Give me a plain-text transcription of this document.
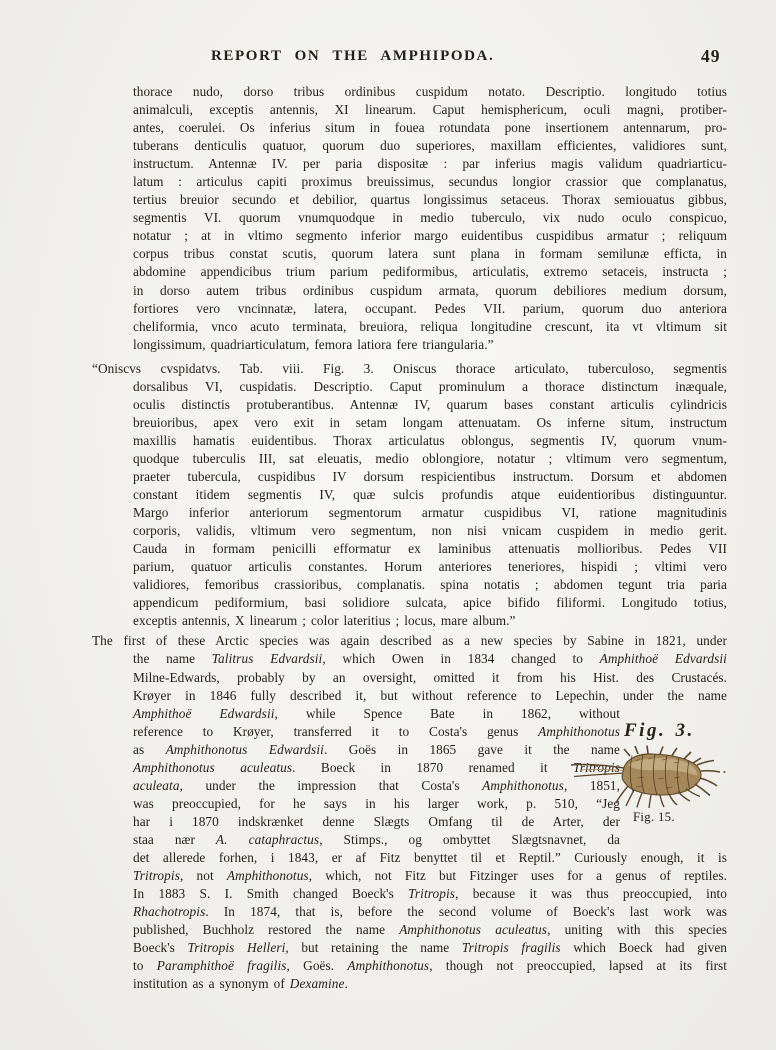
REPORT ON THE AMPHIPODA.	49
thorace nudo, dorso tribus ordinibus cuspidum notato. Descriptio. longitudo totius
animalculi, exceptis antennis, XI linearum. Caput hemisphericum, oculi magni, protiber-
antes, coerulei. Os inferius situm in fouea rotundata pone insertionem antennarum, pro-
tuberans denticulis quatuor, quorum duo superiores, maxillam efficientes, validiores sunt,
instructum. Antennæ IV. per paria dispositæ : par inferius magis validum quadriarticu-
latum : articulus capiti proximus breuissimus, secundus longior crassior que complanatus,
tertius breuior secundo et debilior, quartus longissimus setaceus. Thorax semiouatus gibbus,
segmentis VI. quorum vnumquodque in medio tuberculo, vix nudo oculo conspicuo,
notatur ; at in vltimo segmento inferior margo euidentibus cuspidibus armatur ; reliquum
corpus tribus constat scutis, quorum latera sunt plana in formam semilunæ efficta, in
abdomine appendicibus trium parium pediformibus, articulatis, extremo setaceis, instructa ;
in dorso autem tribus ordinibus cuspidum armata, quorum debiliores medium dorsum,
fortiores vero vncinnatæ, latera, occupant. Pedes VII. parium, quorum duo anteriora
cheliformia, vnco acuto terminata, breuiora, reliqua longitudine crescunt, ita vt vltimum sit
longissimum, quadriarticulatum, femora latiora fere triangularia.”
“Oniscvs cvspidatvs. Tab. viii. Fig. 3. Oniscus thorace articulato, tuberculoso, segmentis
dorsalibus VI, cuspidatis. Descriptio. Caput prominulum a thorace distinctum inæquale,
oculis distinctis protuberantibus. Antennæ IV, quarum bases constant articulis cylindricis
breuioribus, apex vero exit in setam longam attenuatam. Os inferne situm, instructum
maxillis hamatis euidentibus. Thorax articulatus oblongus, segmentis IV, quorum vnum-
quodque tuberculis III, sat eleuatis, medio oblongiore, notatur ; vltimum vero segmentum,
praeter tubercula, cuspidibus IV dorsum respicientibus instructum. Dorsum et abdomen
constant itidem segmentis IV, quæ sulcis profundis atque euidentioribus distinguuntur.
Margo inferior anteriorum segmentorum armatur cuspidibus VI, ratione magnitudinis
corporis, validis, vltimum vero segmentum, non nisi vnicam cuspidem in medio gerit.
Cauda in formam penicilli efformatur ex laminibus attenuatis mollioribus. Pedes VII
parium, quatuor articulis constantes. Horum anteriores teneriores, hispidi ; vltimi vero
validiores, femoribus crassioribus, complanatis. spina notatis ; abdomen tegunt tria paria
appendicum pediformium, basi solidiore sulcata, apice bifido filiformi. Longitudo totius,
exceptis antennis, X linearum ; color lateritius ; locus, mare album.”
The first of these Arctic species was again described as a new species by Sabine in 1821, under
the name Talitrus Edvardsii, which Owen in 1834 changed to Amphithoë Edvardsii
Milne-Edwards, probably by an oversight, omitted it from his Hist. des Crustacés.
Krøyer in 1846 fully described it, but without reference to Lepechin, under the name
Amphithoë Edwardsii, while Spence Bate in 1862, without
reference to Krøyer, transferred it to Costa's genus Amphithonotus
as Amphithonotus Edwardsii. Goës in 1865 gave it the name
Amphithonotus aculeatus. Boeck in 1870 renamed it Tritropis
aculeata, under the impression that Costa's Amphithonotus, 1851,
was preoccupied, for he says in his larger work, p. 510, “Jeg
har i 1870 indskrænket denne Slægts Omfang til de Arter, der
staa nær A. cataphractus, Stimps., og ombyttet Slægtsnavnet, da
det allerede forhen, i 1843, er af Fitz benyttet til et Reptil.” Curiously enough, it is
Tritropis, not Amphithonotus, which, not Fitz but Fitzinger uses for a genus of reptiles.
In 1883 S. I. Smith changed Boeck's Tritropis, because it was thus preoccupied, into
Rhachotropis. In 1874, that is, before the second volume of Boeck's last work was
published, Buchholz restored the name Amphithonotus aculeatus, uniting with this species
Boeck's Tritropis Helleri, but retaining the name Tritropis fragilis which Boeck had given
to Paramphithoë fragilis, Goës. Amphithonotus, though not preoccupied, lapsed at its first
institution as a synonym of Dexamine.
Fig. 3.
Fig. 15.
